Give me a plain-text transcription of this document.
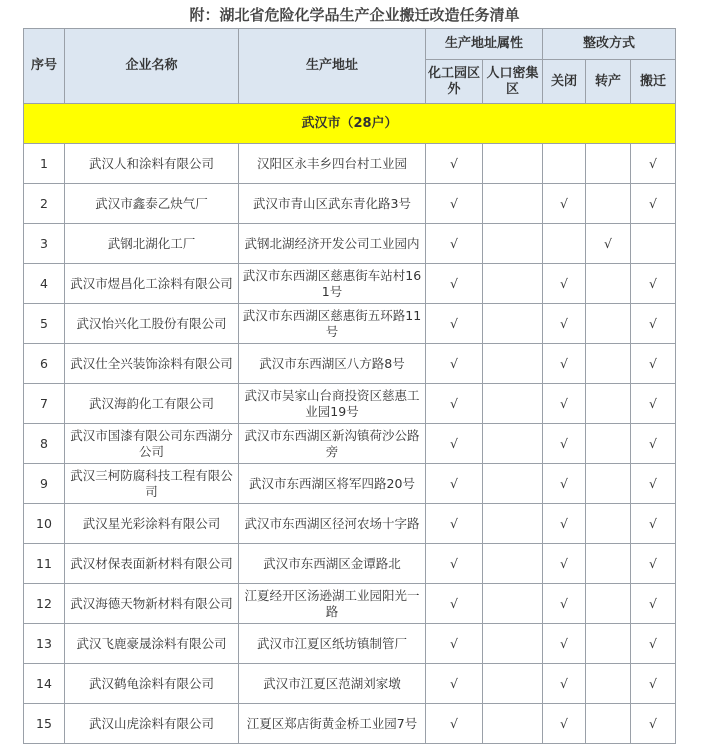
附：湖北省危险化学品生产企业搬迁改造任务清单
序号	企业名称	生产地址	生产地址属性		整改方式		
			化工园区外	人口密集区	关闭	转产	搬迁
武汉市（28户）							
1	武汉人和涂料有限公司	汉阳区永丰乡四台村工业园	√				√
2	武汉市鑫泰乙炔气厂	武汉市青山区武东青化路3号	√		√		√
3	武钢北湖化工厂	武钢北湖经济开发公司工业园内	√			√	
4	武汉市煜昌化工涂料有限公司	武汉市东西湖区慈惠街车站村161号	√		√		√
5	武汉怡兴化工股份有限公司	武汉市东西湖区慈惠街五环路11号	√		√		√
6	武汉仕全兴装饰涂料有限公司	武汉市东西湖区八方路8号	√		√		√
7	武汉海韵化工有限公司	武汉市吴家山台商投资区慈惠工业园19号	√		√		√
8	武汉市国漆有限公司东西湖分公司	武汉市东西湖区新沟镇荷沙公路旁	√		√		√
9	武汉三柯防腐科技工程有限公司	武汉市东西湖区将军四路20号	√		√		√
10	武汉星光彩涂料有限公司	武汉市东西湖区径河农场十字路	√		√		√
11	武汉材保表面新材料有限公司	武汉市东西湖区金谭路北	√		√		√
12	武汉海德天物新材料有限公司	江夏经开区汤逊湖工业园阳光一路	√		√		√
13	武汉飞鹿豪晟涂料有限公司	武汉市江夏区纸坊镇制管厂	√		√		√
14	武汉鹤龟涂料有限公司	武汉市江夏区范湖刘家墩	√		√		√
15	武汉山虎涂料有限公司	江夏区郑店街黄金桥工业园7号	√		√		√
